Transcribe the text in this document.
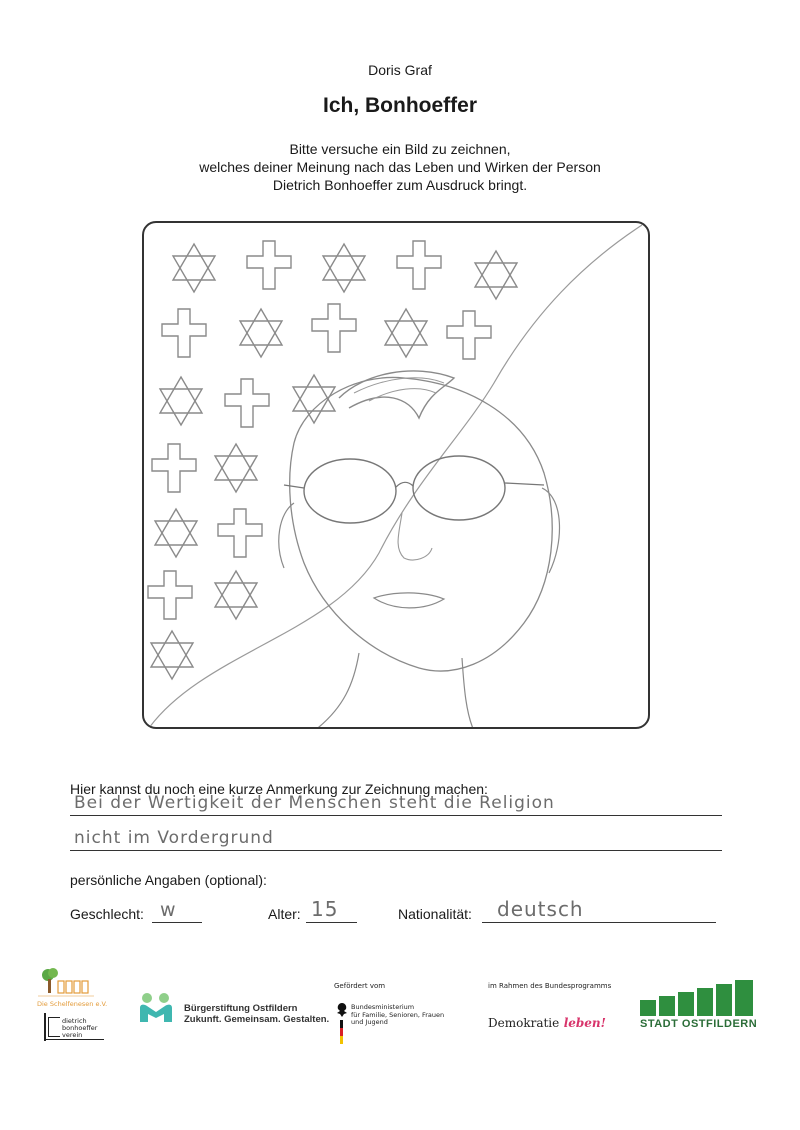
Doris Graf
Ich, Bonhoeffer
Bitte versuche ein Bild zu zeichnen,
welches deiner Meinung nach das Leben und Wirken der Person
Dietrich Bonhoeffer zum Ausdruck bringt.
Hier kannst du noch eine kurze Anmerkung zur Zeichnung machen:
Bei der Wertigkeit der Menschen steht die Religion
nicht im Vordergrund
persönliche Angaben (optional):
Geschlecht: w	Alter: 15	Nationalität: deutsch
Die Schelfenesen e.V.
dietrich
bonhoeffer
verein
Bürgerstiftung Ostfildern
Zukunft. Gemeinsam. Gestalten.
Gefördert vom
Bundesministerium
für Familie, Senioren, Frauen
und Jugend
im Rahmen des Bundesprogramms
Demokratie leben!	STADT OSTFILDERN
